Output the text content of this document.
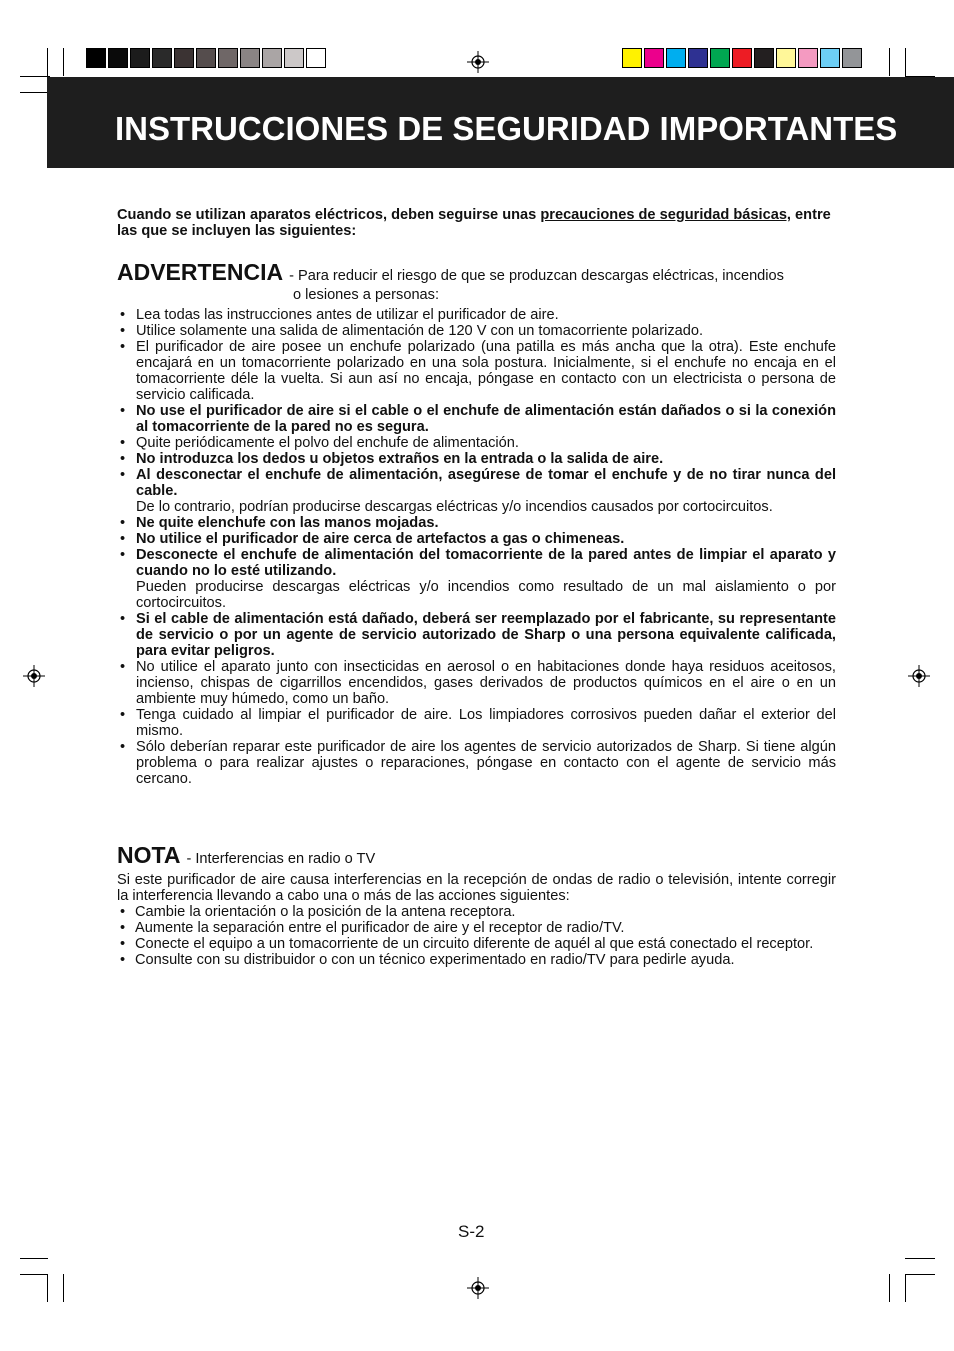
INSTRUCCIONES DE SEGURIDAD IMPORTANTES

Cuando se utilizan aparatos eléctricos, deben seguirse unas precauciones de seguridad básicas, entre las que se incluyen las siguientes:

ADVERTENCIA - Para reducir el riesgo de que se produzcan descargas eléctricas, incendios
o lesiones a personas:
• Lea todas las instrucciones antes de utilizar el purificador de aire.
• Utilice solamente una salida de alimentación de 120 V con un tomacorriente polarizado.
• El purificador de aire posee un enchufe polarizado (una patilla es más ancha que la otra). Este enchufe encajará en un tomacorriente polarizado en una sola postura. Inicialmente, si el enchufe no encaja en el tomacorriente déle la vuelta. Si aun así no encaja, póngase en contacto con un electricista o persona de servicio calificada.
• No use el purificador de aire si el cable o el enchufe de alimentación están dañados o si la conexión al tomacorriente de la pared no es segura.
• Quite periódicamente el polvo del enchufe de alimentación.
• No introduzca los dedos u objetos extraños en la entrada o la salida de aire.
• Al desconectar el enchufe de alimentación, asegúrese de tomar el enchufe y de no tirar nunca del cable.
De lo contrario, podrían producirse descargas eléctricas y/o incendios causados por cortocircuitos.
• Ne quite elenchufe con las manos mojadas.
• No utilice el purificador de aire cerca de artefactos a gas o chimeneas.
• Desconecte el enchufe de alimentación del tomacorriente de la pared antes de limpiar el aparato y cuando no lo esté utilizando.
Pueden producirse descargas eléctricas y/o incendios como resultado de un mal aislamiento o por cortocircuitos.
• Si el cable de alimentación está dañado, deberá ser reemplazado por el fabricante, su representante de servicio o por un agente de servicio autorizado de Sharp o una persona equivalente calificada, para evitar peligros.
• No utilice el aparato junto con insecticidas en aerosol o en habitaciones donde haya residuos aceitosos, incienso, chispas de cigarrillos encendidos, gases derivados de productos químicos en el aire o en un ambiente muy húmedo, como un baño.
• Tenga cuidado al limpiar el purificador de aire. Los limpiadores corrosivos pueden dañar el exterior del mismo.
• Sólo deberían reparar este purificador de aire los agentes de servicio autorizados de Sharp. Si tiene algún problema o para realizar ajustes o reparaciones, póngase en contacto con el agente de servicio más cercano.
NOTA - Interferencias en radio o TV
Si este purificador de aire causa interferencias en la recepción de ondas de radio o televisión, intente corregir la interferencia llevando a cabo una o más de las acciones siguientes:
• Cambie la orientación o la posición de la antena receptora.
• Aumente la separación entre el purificador de aire y el receptor de radio/TV.
• Conecte el equipo a un tomacorriente de un circuito diferente de aquél al que está conectado el receptor.
• Consulte con su distribuidor o con un técnico experimentado en radio/TV para pedirle ayuda.
S-2
